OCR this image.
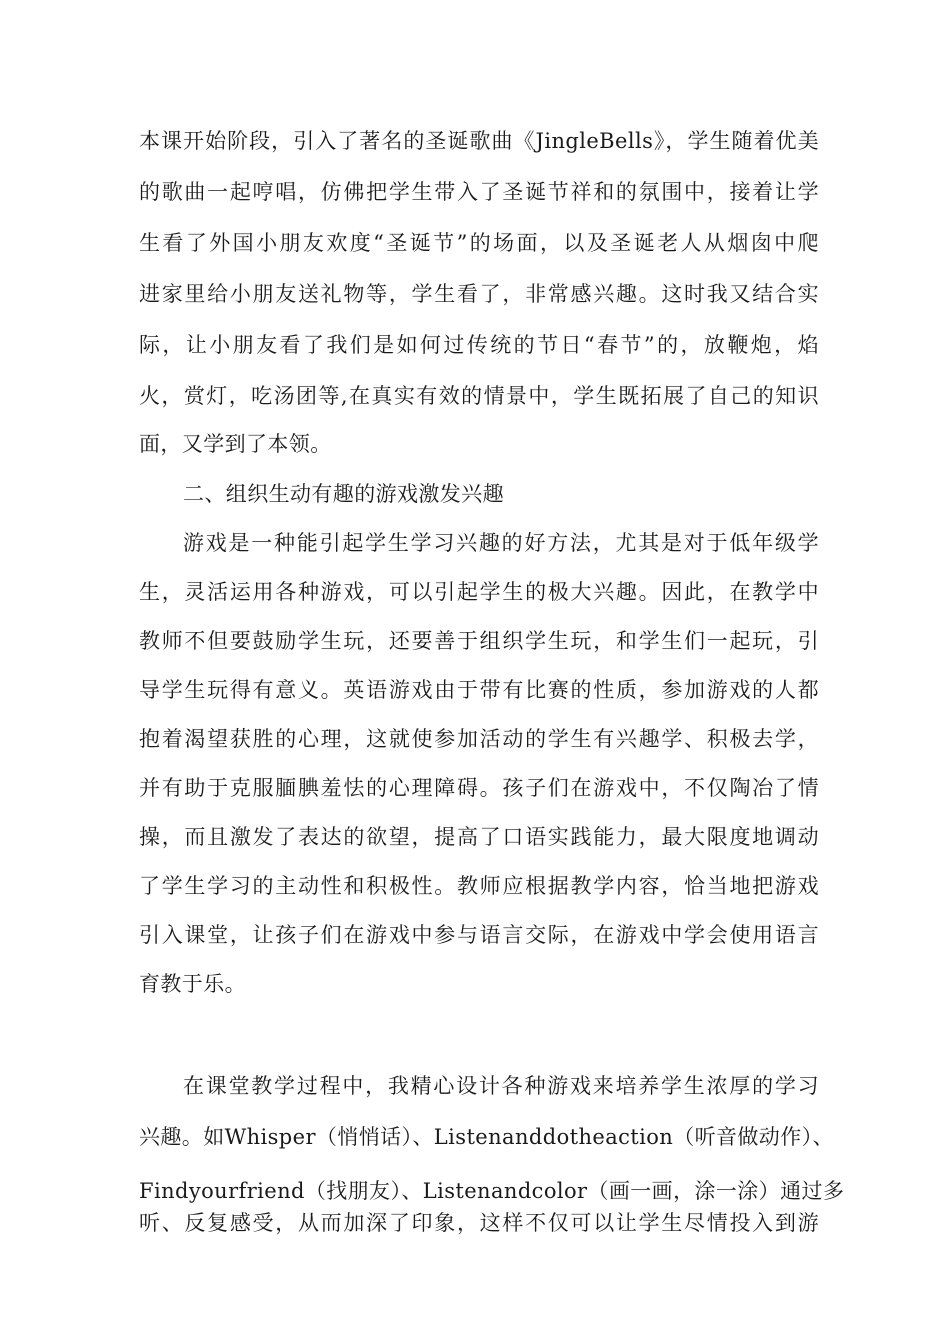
本课开始阶段，引入了著名的圣诞歌曲《JingleBells》，学生随着优美
的歌曲一起哼唱，仿佛把学生带入了圣诞节祥和的氛围中，接着让学
生看了外国小朋友欢度“圣诞节”的场面，以及圣诞老人从烟囱中爬
进家里给小朋友送礼物等，学生看了，非常感兴趣。这时我又结合实
际，让小朋友看了我们是如何过传统的节日“春节”的，放鞭炮，焰
火，赏灯，吃汤团等,在真实有效的情景中，学生既拓展了自己的知识
面，又学到了本领。
二、组织生动有趣的游戏激发兴趣
游戏是一种能引起学生学习兴趣的好方法，尤其是对于低年级学
生，灵活运用各种游戏，可以引起学生的极大兴趣。因此，在教学中
教师不但要鼓励学生玩，还要善于组织学生玩，和学生们一起玩，引
导学生玩得有意义。英语游戏由于带有比赛的性质，参加游戏的人都
抱着渴望获胜的心理，这就使参加活动的学生有兴趣学、积极去学，
并有助于克服腼腆羞怯的心理障碍。孩子们在游戏中，不仅陶冶了情
操，而且激发了表达的欲望，提高了口语实践能力，最大限度地调动
了学生学习的主动性和积极性。教师应根据教学内容，恰当地把游戏
引入课堂，让孩子们在游戏中参与语言交际，在游戏中学会使用语言
育教于乐。
在课堂教学过程中，我精心设计各种游戏来培养学生浓厚的学习
兴趣。如Whisper（悄悄话）、Listenanddotheaction（听音做动作）、
Findyourfriend（找朋友）、Listenandcolor（画一画，涂一涂）通过多
听、反复感受，从而加深了印象，这样不仅可以让学生尽情投入到游
